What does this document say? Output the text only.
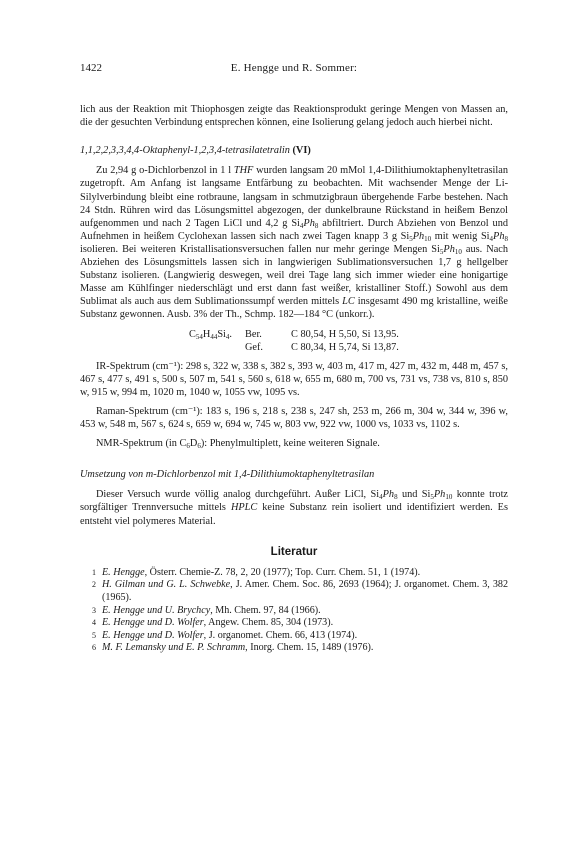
1422	E. Hengge und R. Sommer:

lich aus der Reaktion mit Thiophosgen zeigte das Reaktionsprodukt geringe Mengen von Massen an, die der gesuchten Verbindung entsprechen können, eine Isolierung gelang jedoch auch hierbei nicht.

1,1,2,2,3,3,4,4-Oktaphenyl-1,2,3,4-tetrasilatetralin (VI)

Zu 2,94 g o-Dichlorbenzol in 1 l THF wurden langsam 20 mMol 1,4-Dilithiumoktaphenyltetrasilan zugetropft. Am Anfang ist langsame Entfärbung zu beobachten. Mit wachsender Menge der Li-Silylverbindung bleibt eine rotbraune, langsam in schmutzigbraun übergehende Farbe bestehen. Nach 24 Stdn. Rühren wird das Lösungsmittel abgezogen, der dunkelbraune Rückstand in heißem Benzol aufgenommen und nach 2 Tagen LiCl und 4,2 g $Si_4Ph_8$ abfiltriert. Durch Abziehen von Benzol und Aufnehmen in heißem Cyclohexan lassen sich nach zwei Tagen knapp 3 g $Si_5Ph_{10}$ mit wenig $Si_4Ph_8$ isolieren. Bei weiteren Kristallisationsversuchen fallen nur mehr geringe Mengen $Si_5Ph_{10}$ aus. Nach Abziehen des Lösungsmittels lassen sich in langwierigen Sublimationsversuchen 1,7 g hellgelber Substanz isolieren. (Langwierig deswegen, weil drei Tage lang sich immer wieder eine honigartige Masse am Kühlfinger niederschlägt und erst dann fast weißer, kristalliner Stoff.) Sowohl aus dem Sublimat als auch aus dem Sublimationssumpf werden mittels LC insgesamt 490 mg kristalline, weiße Substanz gewonnen. Ausb. 3% der Th., Schmp. 182—184 °C (unkorr.).

$C_{54}H_{44}Si_4$.	Ber.	C 80,54, H 5,50, Si 13,95.
Gef.	C 80,34, H 5,74, Si 13,87.

IR-Spektrum (cm⁻¹): 298 s, 322 w, 338 s, 382 s, 393 w, 403 m, 417 m, 427 m, 432 m, 448 m, 457 s, 467 s, 477 s, 491 s, 500 s, 507 m, 541 s, 560 s, 618 w, 655 m, 680 m, 700 vs, 731 vs, 738 vs, 810 s, 850 w, 915 w, 994 m, 1020 m, 1040 w, 1055 vw, 1095 vs.

Raman-Spektrum (cm⁻¹): 183 s, 196 s, 218 s, 238 s, 247 sh, 253 m, 266 m, 304 w, 344 w, 396 w, 453 w, 548 m, 567 s, 624 s, 659 w, 694 w, 745 w, 803 vw, 922 vw, 1000 vs, 1033 vs, 1102 s.

NMR-Spektrum (in $C_6D_6$): Phenylmultiplett, keine weiteren Signale.

Umsetzung von m-Dichlorbenzol mit 1,4-Dilithiumoktaphenyltetrasilan

Dieser Versuch wurde völlig analog durchgeführt. Außer LiCl, $Si_4Ph_8$ und $Si_5Ph_{10}$ konnte trotz sorgfältiger Trennversuche mittels HPLC keine Substanz rein isoliert und identifiziert werden. Es entsteht viel polymeres Material.

Literatur
1 E. Hengge, Österr. Chemie-Z. 78, 2, 20 (1977); Top. Curr. Chem. 51, 1 (1974).
2 H. Gilman und G. L. Schwebke, J. Amer. Chem. Soc. 86, 2693 (1964); J. organomet. Chem. 3, 382 (1965).
3 E. Hengge und U. Brychcy, Mh. Chem. 97, 84 (1966).
4 E. Hengge und D. Wolfer, Angew. Chem. 85, 304 (1973).
5 E. Hengge und D. Wolfer, J. organomet. Chem. 66, 413 (1974).
6 M. F. Lemansky und E. P. Schramm, Inorg. Chem. 15, 1489 (1976).
